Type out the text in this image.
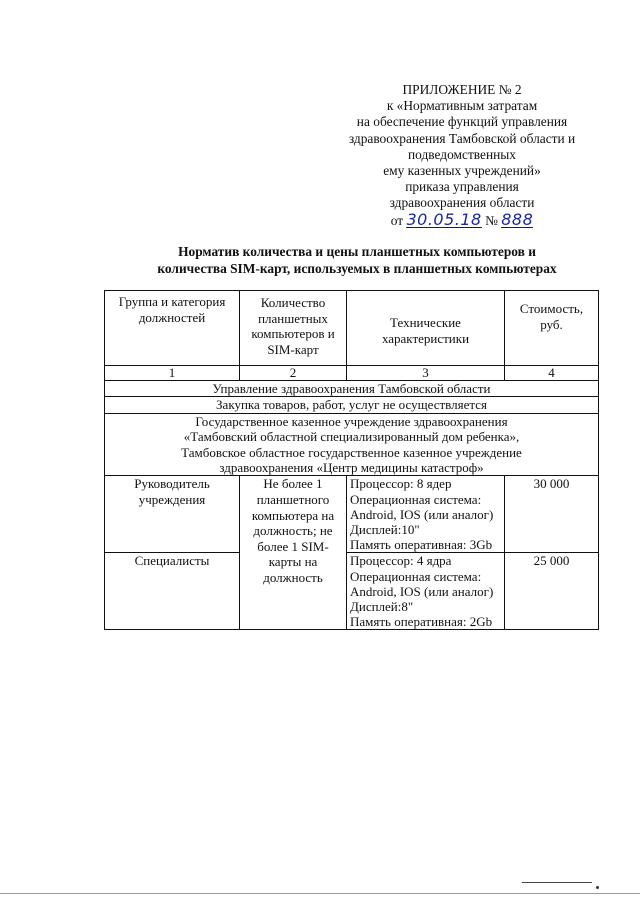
ПРИЛОЖЕНИЕ № 2
к «Нормативным затратам
на обеспечение функций управления
здравоохранения Тамбовской области и
подведомственных
ему казенных учреждений»
приказа управления
здравоохранения области
от 30.05.18 № 888
Норматив количества и цены планшетных компьютеров и
количества SIM-карт, используемых в планшетных компьютерах
Группа и категория должностей	Количество планшетных компьютеров и SIM-карт	Технические характеристики	Стоимость, руб.
1	2	3	4
Управление здравоохранения Тамбовской области			
Закупка товаров, работ, услуг не осуществляется			

Государственное казенное учреждение здравоохранения
«Тамбовский областной специализированный дом ребенка»,
Тамбовское областное государственное казенное учреждение
здравоохранения «Центр медицины катастроф»			

Руководитель учреждения	Не более 1 планшетного компьютера на должность; не более 1 SIM-карты на должность	Процессор: 8 ядер
Операционная система: Android, IOS (или аналог)
Дисплей:10"
Память оперативная: 3Gb	30 000
Специалисты		Процессор: 4 ядра
Операционная система: Android, IOS (или аналог)
Дисплей:8"
Память оперативная: 2Gb	25 000
